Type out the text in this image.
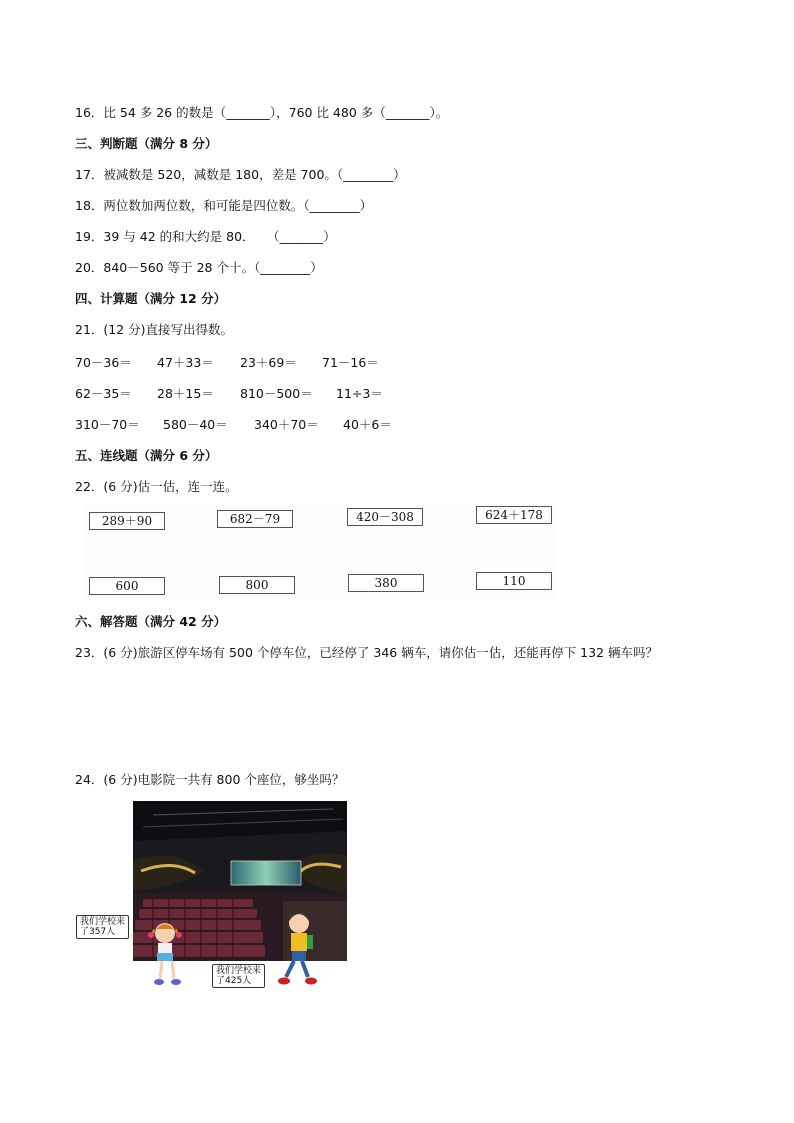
16．比 54 多 26 的数是（_______），760 比 480 多（_______）。
三、判断题（满分 8 分）
17．被减数是 520，减数是 180，差是 700。（________）
18．两位数加两位数，和可能是四位数。（________）
19．39 与 42 的和大约是 80．　　（_______）
20．840－560 等于 28 个十。（________）
四、计算题（满分 12 分）
21．(12 分)直接写出得数。
70－36＝ 47＋33＝ 23＋69＝ 71－16＝
62－35＝ 28＋15＝ 810－500＝ 11÷3＝
310－70＝ 580－40＝ 340＋70＝ 40＋6＝
五、连线题（满分 6 分）
22．(6 分)估一估，连一连。
289＋90	682－79	420－308	624＋178
600	800	380	110
六、解答题（满分 42 分）
23．(6 分)旅游区停车场有 500 个停车位，已经停了 346 辆车，请你估一估，还能再停下 132 辆车吗？
24．(6 分)电影院一共有 800 个座位，够坐吗？
我们学校来
了357人
我们学校来
了425人
